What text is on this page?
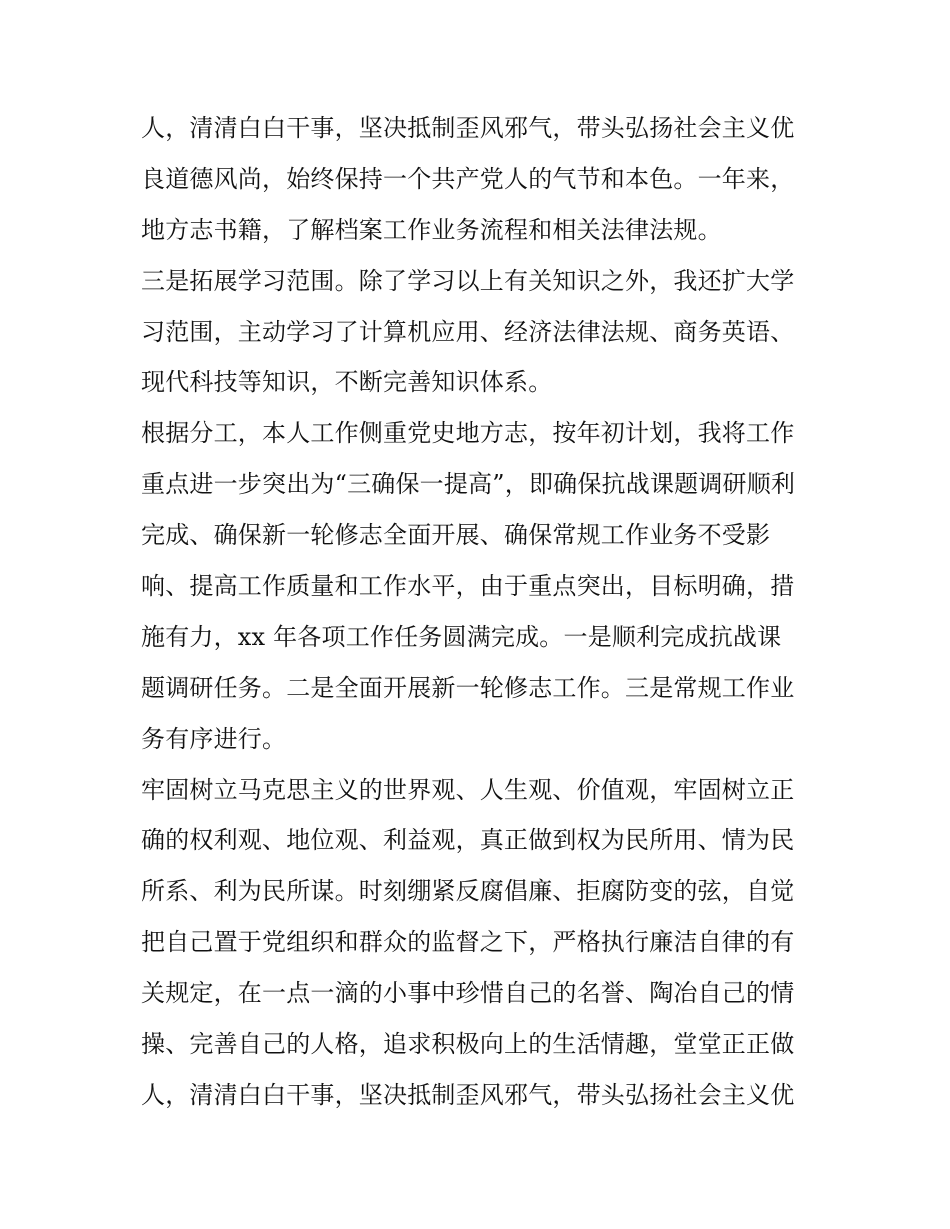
人，清清白白干事，坚决抵制歪风邪气，带头弘扬社会主义优
良道德风尚，始终保持一个共产党人的气节和本色。一年来，
地方志书籍，了解档案工作业务流程和相关法律法规。
三是拓展学习范围。除了学习以上有关知识之外，我还扩大学
习范围，主动学习了计算机应用、经济法律法规、商务英语、
现代科技等知识，不断完善知识体系。
根据分工，本人工作侧重党史地方志，按年初计划，我将工作
重点进一步突出为“三确保一提高”，即确保抗战课题调研顺利
完成、确保新一轮修志全面开展、确保常规工作业务不受影
响、提高工作质量和工作水平，由于重点突出，目标明确，措
施有力，xx 年各项工作任务圆满完成。一是顺利完成抗战课
题调研任务。二是全面开展新一轮修志工作。三是常规工作业
务有序进行。
牢固树立马克思主义的世界观、人生观、价值观，牢固树立正
确的权利观、地位观、利益观，真正做到权为民所用、情为民
所系、利为民所谋。时刻绷紧反腐倡廉、拒腐防变的弦，自觉
把自己置于党组织和群众的监督之下，严格执行廉洁自律的有
关规定，在一点一滴的小事中珍惜自己的名誉、陶冶自己的情
操、完善自己的人格，追求积极向上的生活情趣，堂堂正正做
人，清清白白干事，坚决抵制歪风邪气，带头弘扬社会主义优
